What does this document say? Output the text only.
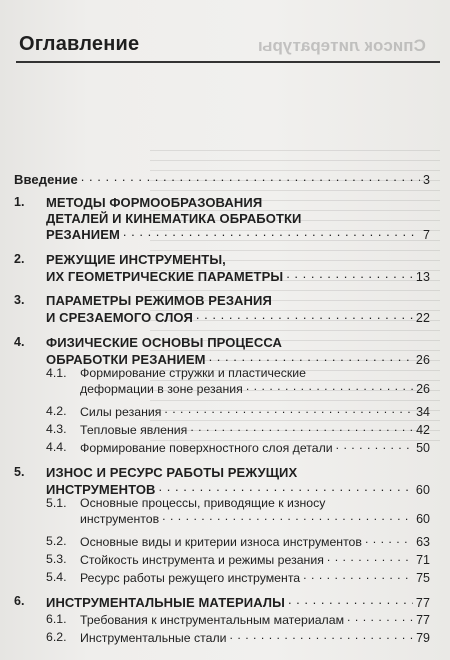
Список литературы
Оглавление
Введение . . .	3
1. МЕТОДЫ ФОРМООБРАЗОВАНИЯ
ДЕТАЛЕЙ И КИНЕМАТИКА ОБРАБОТКИ
РЕЗАНИЕМ . . .	7
2. РЕЖУЩИЕ ИНСТРУМЕНТЫ,
ИХ ГЕОМЕТРИЧЕСКИЕ ПАРАМЕТРЫ . . .	13
3. ПАРАМЕТРЫ РЕЖИМОВ РЕЗАНИЯ
И СРЕЗАЕМОГО СЛОЯ . . .	22
4. ФИЗИЧЕСКИЕ ОСНОВЫ ПРОЦЕССА
ОБРАБОТКИ РЕЗАНИЕМ . . .	26
4.1. Формирование стружки и пластические
деформации в зоне резания . . .	26
4.2. Силы резания . . .	34
4.3. Тепловые явления . . .	42
4.4. Формирование поверхностного слоя детали . . .	50
5. ИЗНОС И РЕСУРС РАБОТЫ РЕЖУЩИХ
ИНСТРУМЕНТОВ . . .	60
5.1. Основные процессы, приводящие к износу
инструментов . . .	60
5.2. Основные виды и критерии износа инструментов . . .	63
5.3. Стойкость инструмента и режимы резания . . .	71
5.4. Ресурс работы режущего инструмента . . .	75
6. ИНСТРУМЕНТАЛЬНЫЕ МАТЕРИАЛЫ . . .	77
6.1. Требования к инструментальным материалам . . .	77
6.2. Инструментальные стали . . .	79
